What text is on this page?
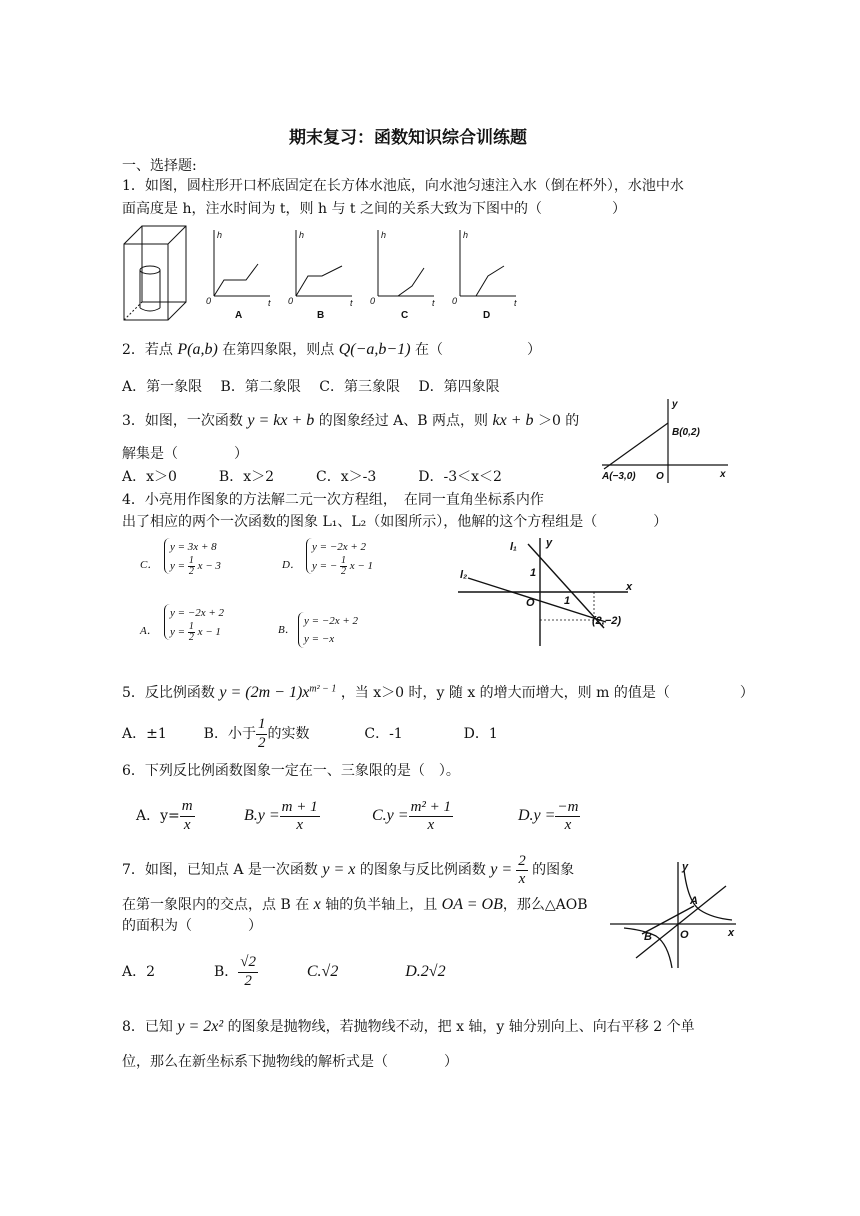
期末复习：函数知识综合训练题
一、选择题:
1．如图，圆柱形开口杯底固定在长方体水池底，向水池匀速注入水（倒在杯外），水池中水
面高度是 h，注水时间为 t，则 h 与 t 之间的关系大致为下图中的（　　　　　）
h	h	h	h
t	t	t	t
0	0	0	0
A	B	C	D
2．若点 P(a,b) 在第四象限，则点 Q(−a,b−1) 在（　　　　　　）
A．第一象限　 B．第二象限　 C．第三象限　 D．第四象限
3．如图，一次函数 y = kx + b 的图象经过 A、B 两点，则 kx + b ＞0 的
解集是（　　　　）
A．x＞0　　　B．x＞2　　　C．x＞-3　　　D．-3＜x＜2
y
x
B(0,2)
A(−3,0) O
4．小亮用作图象的方法解二元一次方程组，　在同一直角坐标系内作
出了相应的两个一次函数的图象 L₁、L₂（如图所示），他解的这个方程组是（　　　　）
C．
y = 3x + 8
$y = \frac{1}{2}$ x − 3	D．
y = −2x + 2
y = − $\frac{1}{2}$ x − 1
A．
y = −2x + 2
$y = \frac{1}{2}$ x − 1	B．
y = −2x + 2
y = −x
l₁
l₂
y
x
O
1
1
(2,−2)
5．反比例函数 $y = (2m - 1)x^{m^2 - 1}$ ，当 x＞0 时，y 随 x 的增大而增大，则 m 的值是（　　　　　）
A．±1	B．小于 $\frac{1}{2}$ 的实数	C．-1	D．1
6．下列反比例函数图象一定在一、三象限的是（　）。
A．$y= \frac{m}{x}$	$B.y = \frac{m + 1}{x}$	$C.y = \frac{\text{m² + 1}}{x}$	$D.y = \frac{-m}{x}$
7．如图，已知点 A 是一次函数 y = x 的图象与反比例函数 $y = \frac{2}{x}$ 的图象
在第一象限内的交点，点 B 在 x 轴的负半轴上，且 OA = OB，那么△AOB
的面积为（　　　　）
A．2	B． $\frac{√2}{2}$	C.√2	D.2√2
y
x
A
B	O
8．已知 y = 2x² 的图象是抛物线，若抛物线不动，把 x 轴，y 轴分别向上、向右平移 2 个单
位，那么在新坐标系下抛物线的解析式是（　　　　）
